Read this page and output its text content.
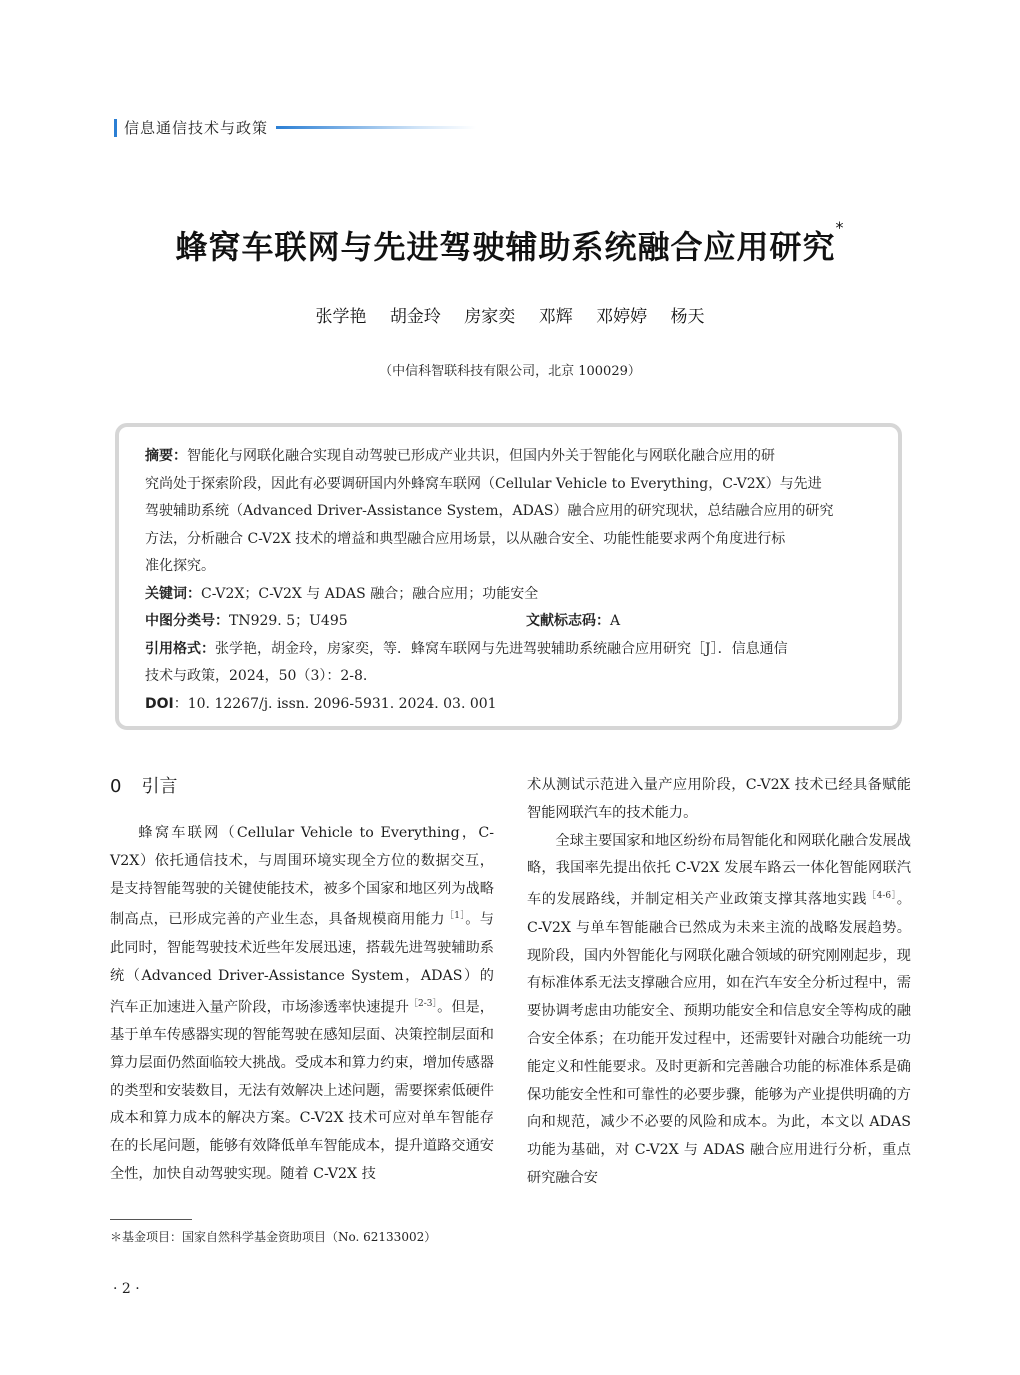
信息通信技术与政策
蜂窝车联网与先进驾驶辅助系统融合应用研究*
张学艳 胡金玲 房家奕 邓辉 邓婷婷 杨天
（中信科智联科技有限公司，北京 100029）
摘要：智能化与网联化融合实现自动驾驶已形成产业共识，但国内外关于智能化与网联化融合应用的研
究尚处于探索阶段，因此有必要调研国内外蜂窝车联网（Cellular Vehicle to Everything，C-V2X）与先进
驾驶辅助系统（Advanced Driver-Assistance System，ADAS）融合应用的研究现状，总结融合应用的研究
方法，分析融合 C-V2X 技术的增益和典型融合应用场景，以从融合安全、功能性能要求两个角度进行标
准化探究。
关键词：C-V2X；C-V2X 与 ADAS 融合；融合应用；功能安全
中图分类号：TN929. 5；U495	文献标志码：A
引用格式：张学艳，胡金玲，房家奕，等．蜂窝车联网与先进驾驶辅助系统融合应用研究［J］．信息通信
技术与政策，2024，50（3）：2-8.
DOI：10. 12267/j. issn. 2096-5931. 2024. 03. 001
0 引言

蜂窝车联网（Cellular Vehicle to Everything，C-V2X）依托通信技术，与周围环境实现全方位的数据交互，是支持智能驾驶的关键使能技术，被多个国家和地区列为战略制高点，已形成完善的产业生态，具备规模商用能力$^{[1]}$。与此同时，智能驾驶技术近些年发展迅速，搭载先进驾驶辅助系统（Advanced Driver-Assistance System，ADAS）的汽车正加速进入量产阶段，市场渗透率快速提升$^{[2-3]}$。但是，基于单车传感器实现的智能驾驶在感知层面、决策控制层面和算力层面仍然面临较大挑战。受成本和算力约束，增加传感器的类型和安装数目，无法有效解决上述问题，需要探索低硬件成本和算力成本的解决方案。C-V2X 技术可应对单车智能存在的长尾问题，能够有效降低单车智能成本，提升道路交通安全性，加快自动驾驶实现。随着 C-V2X 技

术从测试示范进入量产应用阶段，C-V2X 技术已经具备赋能智能网联汽车的技术能力。

全球主要国家和地区纷纷布局智能化和网联化融合发展战略，我国率先提出依托 C-V2X 发展车路云一体化智能网联汽车的发展路线，并制定相关产业政策支撑其落地实践$^{[4-6]}$。C-V2X 与单车智能融合已然成为未来主流的战略发展趋势。现阶段，国内外智能化与网联化融合领域的研究刚刚起步，现有标准体系无法支撑融合应用，如在汽车安全分析过程中，需要协调考虑由功能安全、预期功能安全和信息安全等构成的融合安全体系；在功能开发过程中，还需要针对融合功能统一功能定义和性能要求。及时更新和完善融合功能的标准体系是确保功能安全性和可靠性的必要步骤，能够为产业提供明确的方向和规范，减少不必要的风险和成本。为此，本文以 ADAS 功能为基础，对 C-V2X 与 ADAS 融合应用进行分析，重点研究融合安

＊基金项目：国家自然科学基金资助项目（No. 62133002）
· 2 ·
